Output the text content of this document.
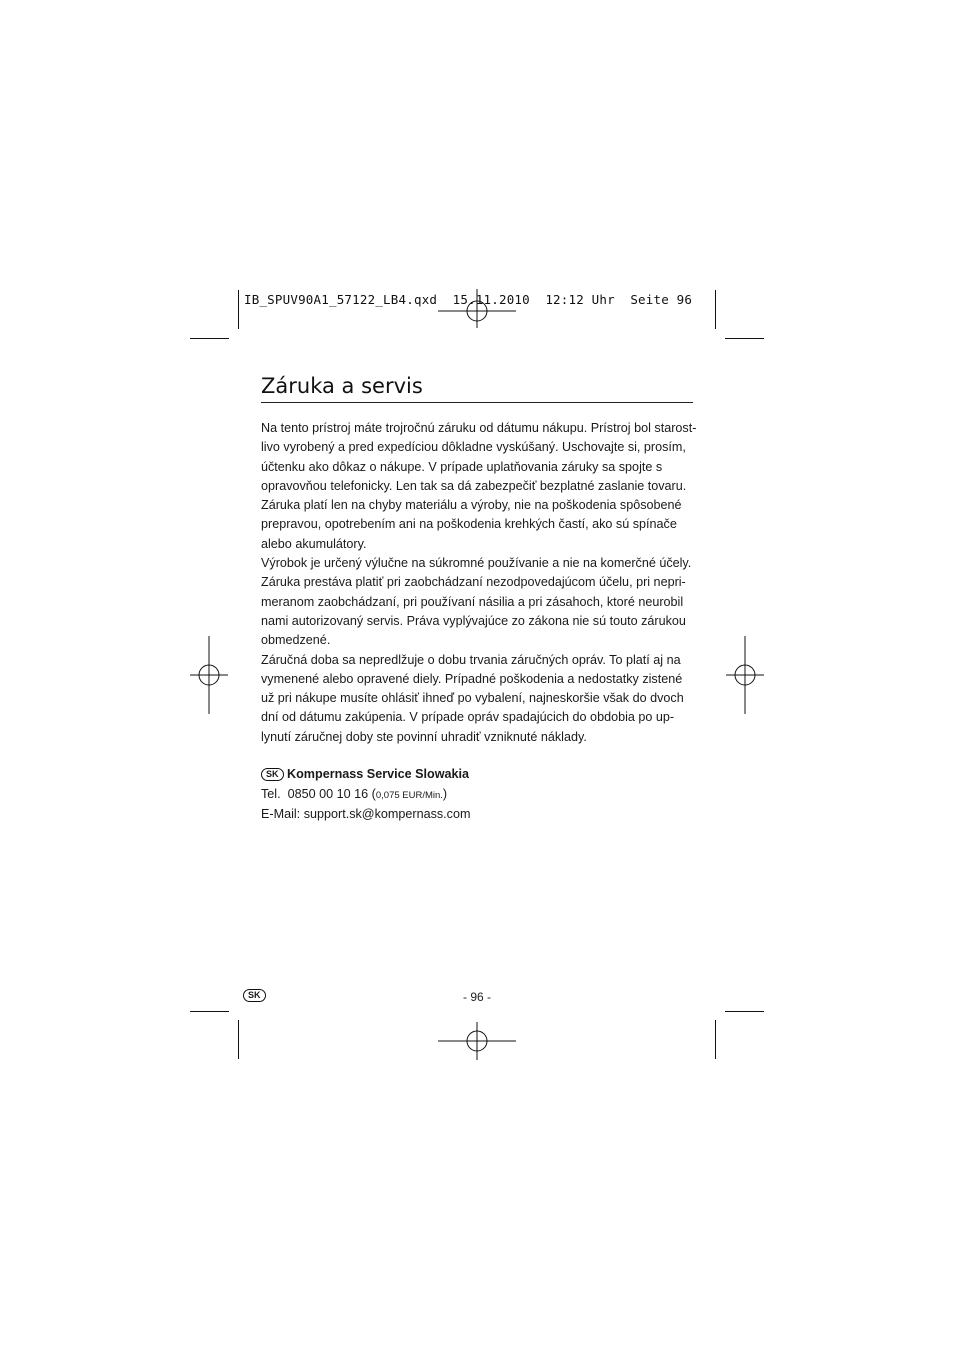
IB_SPUV90A1_57122_LB4.qxd 15.11.2010 12:12 Uhr Seite 96
Záruka a servis
Na tento prístroj máte trojročnú záruku od dátumu nákupu. Prístroj bol starost-
livo vyrobený a pred expedíciou dôkladne vyskúšaný. Uschovajte si, prosím,
účtenku ako dôkaz o nákupe. V prípade uplatňovania záruky sa spojte s
opravovňou telefonicky. Len tak sa dá zabezpečiť bezplatné zaslanie tovaru.
Záruka platí len na chyby materiálu a výroby, nie na poškodenia spôsobené
prepravou, opotrebením ani na poškodenia krehkých častí, ako sú spínače
alebo akumulátory.
Výrobok je určený výlučne na súkromné používanie a nie na komerčné účely.
Záruka prestáva platiť pri zaobchádzaní nezodpovedajúcom účelu, pri nepri-
meranom zaobchádzaní, pri používaní násilia a pri zásahoch, ktoré neurobil
nami autorizovaný servis. Práva vyplývajúce zo zákona nie sú touto zárukou
obmedzené.
Záručná doba sa nepredlžuje o dobu trvania záručných opráv. To platí aj na
vymenené alebo opravené diely. Prípadné poškodenia a nedostatky zistené
už pri nákupe musíte ohlásiť ihneď po vybalení, najneskoršie však do dvoch
dní od dátumu zakúpenia. V prípade opráv spadajúcich do obdobia po up-
lynutí záručnej doby ste povinní uhradiť vzniknuté náklady.
SK Kompernass Service Slowakia
Tel. 0850 00 10 16 (0,075 EUR/Min.)
E-Mail: support.sk@kompernass.com
SK	- 96 -
